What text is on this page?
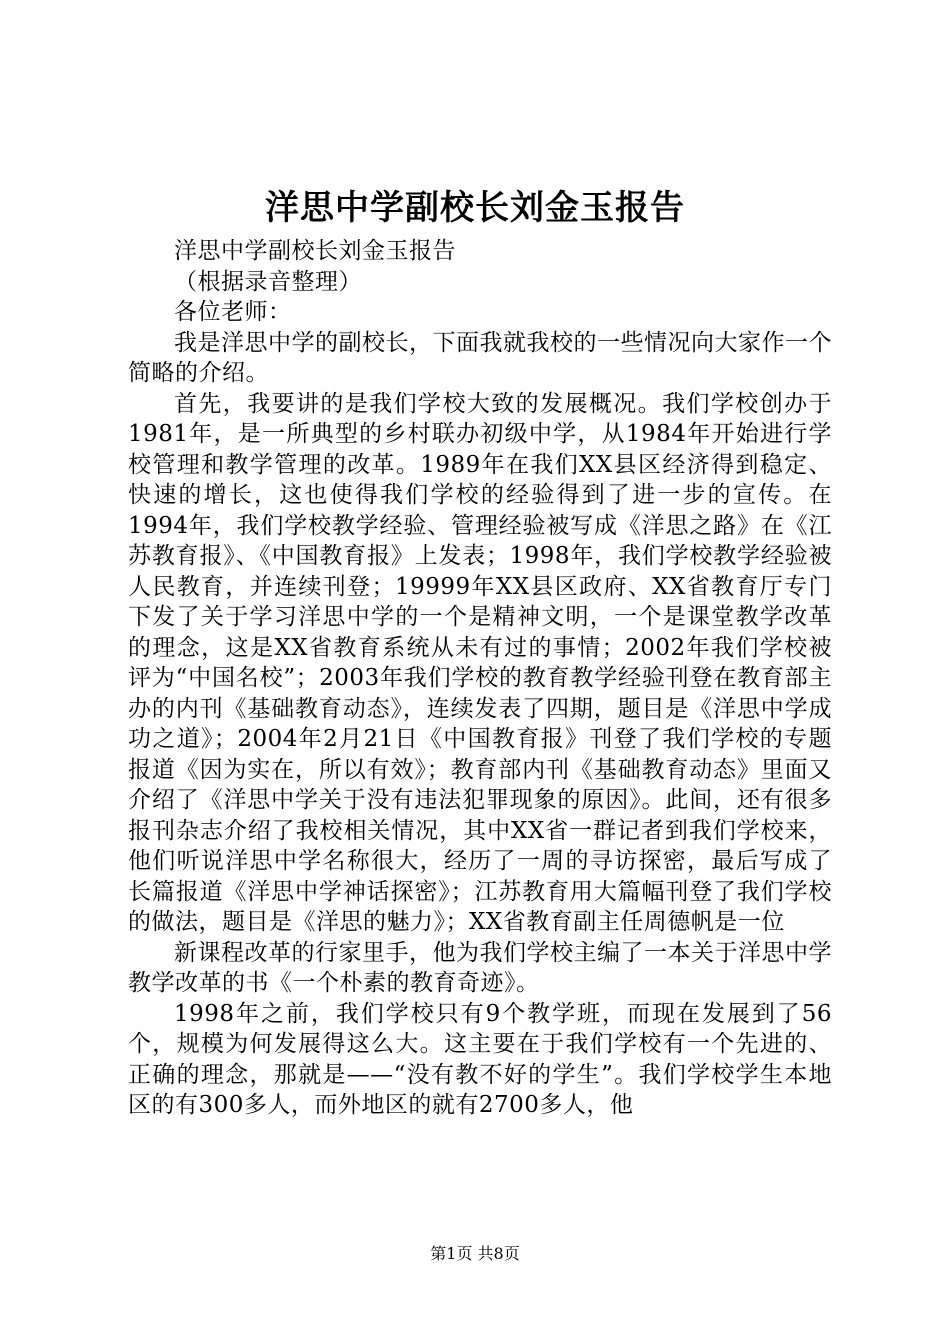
洋思中学副校长刘金玉报告

洋思中学副校长刘金玉报告

（根据录音整理）

各位老师：

我是洋思中学的副校长，下面我就我校的一些情况向大家作一个简略的介绍。

首先，我要讲的是我们学校大致的发展概况。我们学校创办于1981年，是一所典型的乡村联办初级中学，从1984年开始进行学校管理和教学管理的改革。1989年在我们XX县区经济得到稳定、快速的增长，这也使得我们学校的经验得到了进一步的宣传。在1994年，我们学校教学经验、管理经验被写成《洋思之路》在《江苏教育报》、《中国教育报》上发表；1998年，我们学校教学经验被人民教育，并连续刊登；19999年XX县区政府、XX省教育厅专门下发了关于学习洋思中学的一个是精神文明，一个是课堂教学改革的理念，这是XX省教育系统从未有过的事情；2002年我们学校被评为“中国名校”；2003年我们学校的教育教学经验刊登在教育部主办的内刊《基础教育动态》，连续发表了四期，题目是《洋思中学成功之道》；2004年2月21日《中国教育报》刊登了我们学校的专题报道《因为实在，所以有效》；教育部内刊《基础教育动态》里面又介绍了《洋思中学关于没有违法犯罪现象的原因》。此间，还有很多报刊杂志介绍了我校相关情况，其中XX省一群记者到我们学校来，他们听说洋思中学名称很大，经历了一周的寻访探密，最后写成了长篇报道《洋思中学神话探密》；江苏教育用大篇幅刊登了我们学校的做法，题目是《洋思的魅力》；XX省教育副主任周德帆是一位

新课程改革的行家里手，他为我们学校主编了一本关于洋思中学教学改革的书《一个朴素的教育奇迹》。

1998年之前，我们学校只有9个教学班，而现在发展到了56个，规模为何发展得这么大。这主要在于我们学校有一个先进的、正确的理念，那就是——“没有教不好的学生”。我们学校学生本地区的有300多人，而外地区的就有2700多人，他

第1页 共8页
